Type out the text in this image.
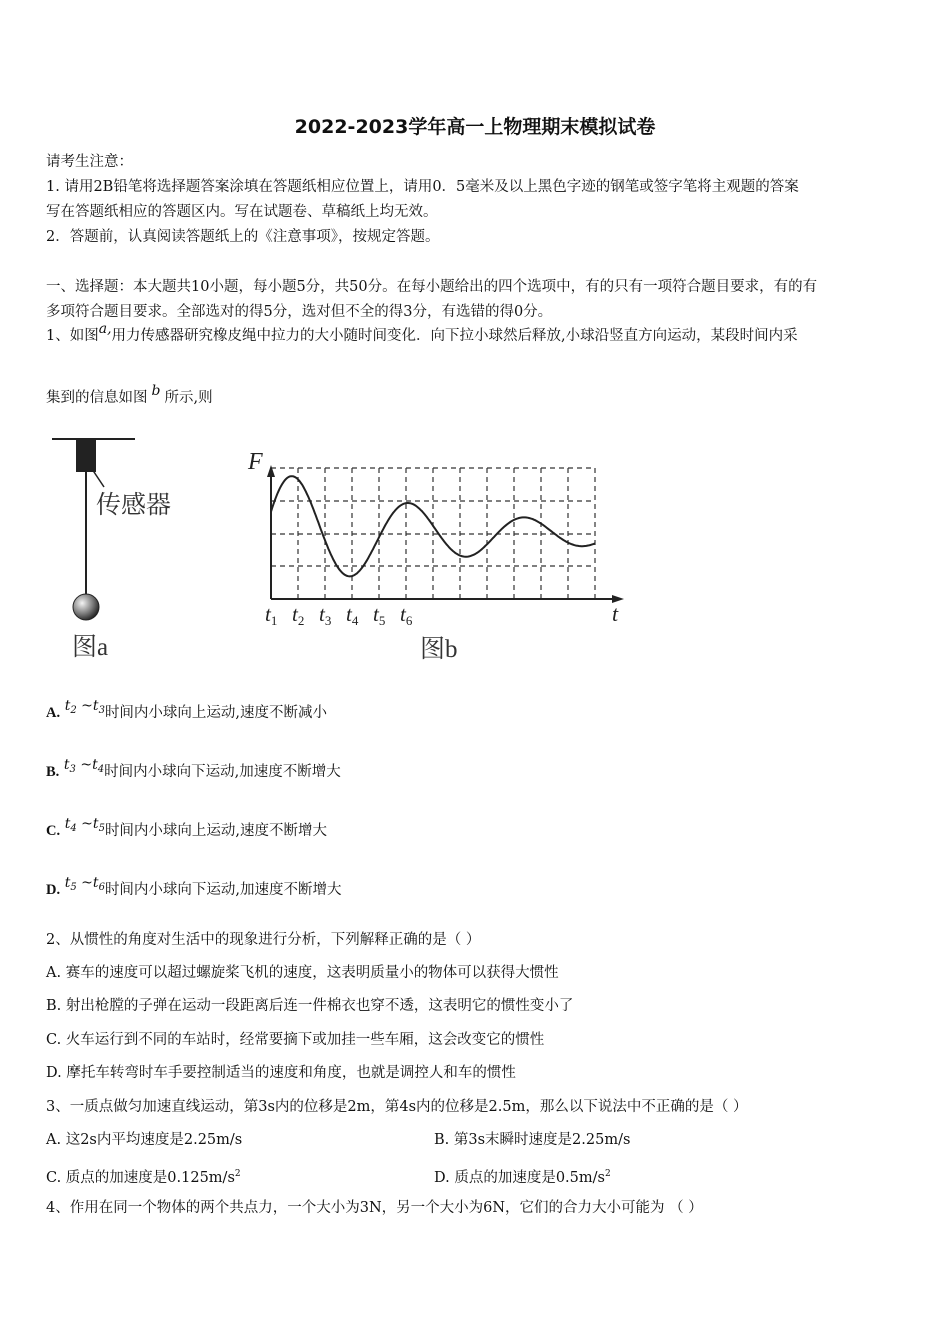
2022-2023学年高一上物理期末模拟试卷
请考生注意：
1. 请用2B铅笔将选择题答案涂填在答题纸相应位置上，请用0．5毫米及以上黑色字迹的钢笔或签字笔将主观题的答案
写在答题纸相应的答题区内。写在试题卷、草稿纸上均无效。
2．答题前，认真阅读答题纸上的《注意事项》，按规定答题。
一、选择题：本大题共10小题，每小题5分，共50分。在每小题给出的四个选项中，有的只有一项符合题目要求，有的有
多项符合题目要求。全部选对的得5分，选对但不全的得3分，有选错的得0分。
1、如图a,用力传感器研究橡皮绳中拉力的大小随时间变化．向下拉小球然后释放,小球沿竖直方向运动，某段时间内采
集到的信息如图 b 所示,则
传感器
图a
F
t
t1 t2 t3 t4 t5 t6
图b
A. $t_2$ $\sim t_3$时间内小球向上运动,速度不断减小
B. $t_3$ $\sim t_4$时间内小球向下运动,加速度不断增大
C. $t_4$ $\sim t_5$时间内小球向上运动,速度不断增大
D. $t_5$ $\sim t_6$时间内小球向下运动,加速度不断增大
2、从惯性的角度对生活中的现象进行分析，下列解释正确的是（ ）
A. 赛车的速度可以超过螺旋桨飞机的速度，这表明质量小的物体可以获得大惯性
B. 射出枪膛的子弹在运动一段距离后连一件棉衣也穿不透，这表明它的惯性变小了
C. 火车运行到不同的车站时，经常要摘下或加挂一些车厢，这会改变它的惯性
D. 摩托车转弯时车手要控制适当的速度和角度，也就是调控人和车的惯性
3、一质点做匀加速直线运动，第3s内的位移是2m，第4s内的位移是2.5m，那么以下说法中不正确的是（ ）
A. 这2s内平均速度是2.25m/s	B. 第3s末瞬时速度是2.25m/s
C. 质点的加速度是$0.125m/s^2$	D. 质点的加速度是$0.5m/s^2$
4、作用在同一个物体的两个共点力，一个大小为3N，另一个大小为6N，它们的合力大小可能为 （ ）
